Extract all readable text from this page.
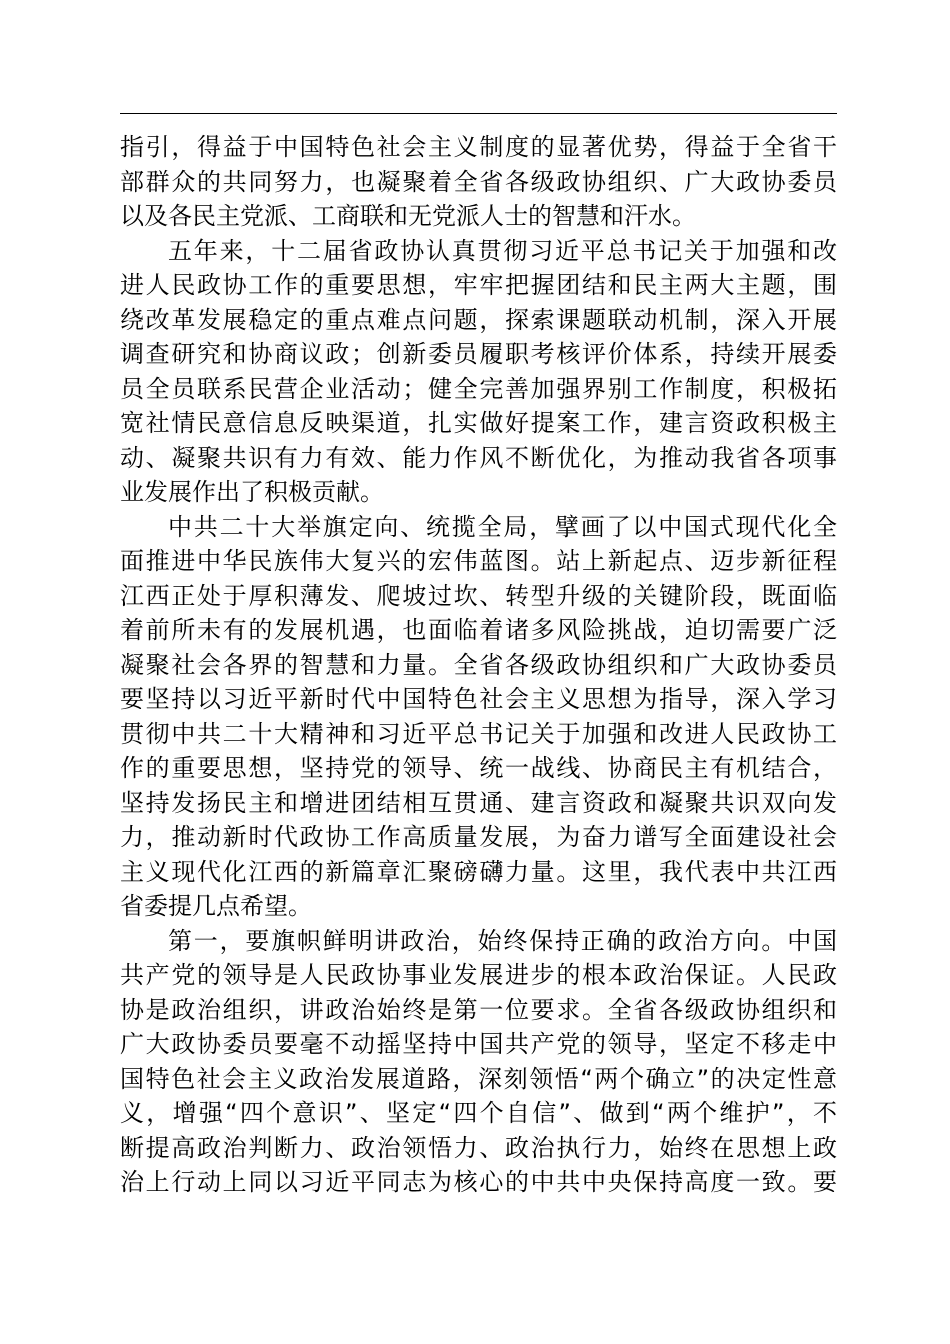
指引，得益于中国特色社会主义制度的显著优势，得益于全省干
部群众的共同努力，也凝聚着全省各级政协组织、广大政协委员
以及各民主党派、工商联和无党派人士的智慧和汗水。
五年来，十二届省政协认真贯彻习近平总书记关于加强和改
进人民政协工作的重要思想，牢牢把握团结和民主两大主题，围
绕改革发展稳定的重点难点问题，探索课题联动机制，深入开展
调查研究和协商议政；创新委员履职考核评价体系，持续开展委
员全员联系民营企业活动；健全完善加强界别工作制度，积极拓
宽社情民意信息反映渠道，扎实做好提案工作，建言资政积极主
动、凝聚共识有力有效、能力作风不断优化，为推动我省各项事
业发展作出了积极贡献。
中共二十大举旗定向、统揽全局，擘画了以中国式现代化全
面推进中华民族伟大复兴的宏伟蓝图。站上新起点、迈步新征程
江西正处于厚积薄发、爬坡过坎、转型升级的关键阶段，既面临
着前所未有的发展机遇，也面临着诸多风险挑战，迫切需要广泛
凝聚社会各界的智慧和力量。全省各级政协组织和广大政协委员
要坚持以习近平新时代中国特色社会主义思想为指导，深入学习
贯彻中共二十大精神和习近平总书记关于加强和改进人民政协工
作的重要思想，坚持党的领导、统一战线、协商民主有机结合，
坚持发扬民主和增进团结相互贯通、建言资政和凝聚共识双向发
力，推动新时代政协工作高质量发展，为奋力谱写全面建设社会
主义现代化江西的新篇章汇聚磅礴力量。这里，我代表中共江西
省委提几点希望。
第一，要旗帜鲜明讲政治，始终保持正确的政治方向。中国
共产党的领导是人民政协事业发展进步的根本政治保证。人民政
协是政治组织，讲政治始终是第一位要求。全省各级政协组织和
广大政协委员要毫不动摇坚持中国共产党的领导，坚定不移走中
国特色社会主义政治发展道路，深刻领悟“两个确立”的决定性意
义，增强“四个意识”、坚定“四个自信”、做到“两个维护”，不
断提高政治判断力、政治领悟力、政治执行力，始终在思想上政
治上行动上同以习近平同志为核心的中共中央保持高度一致。要
